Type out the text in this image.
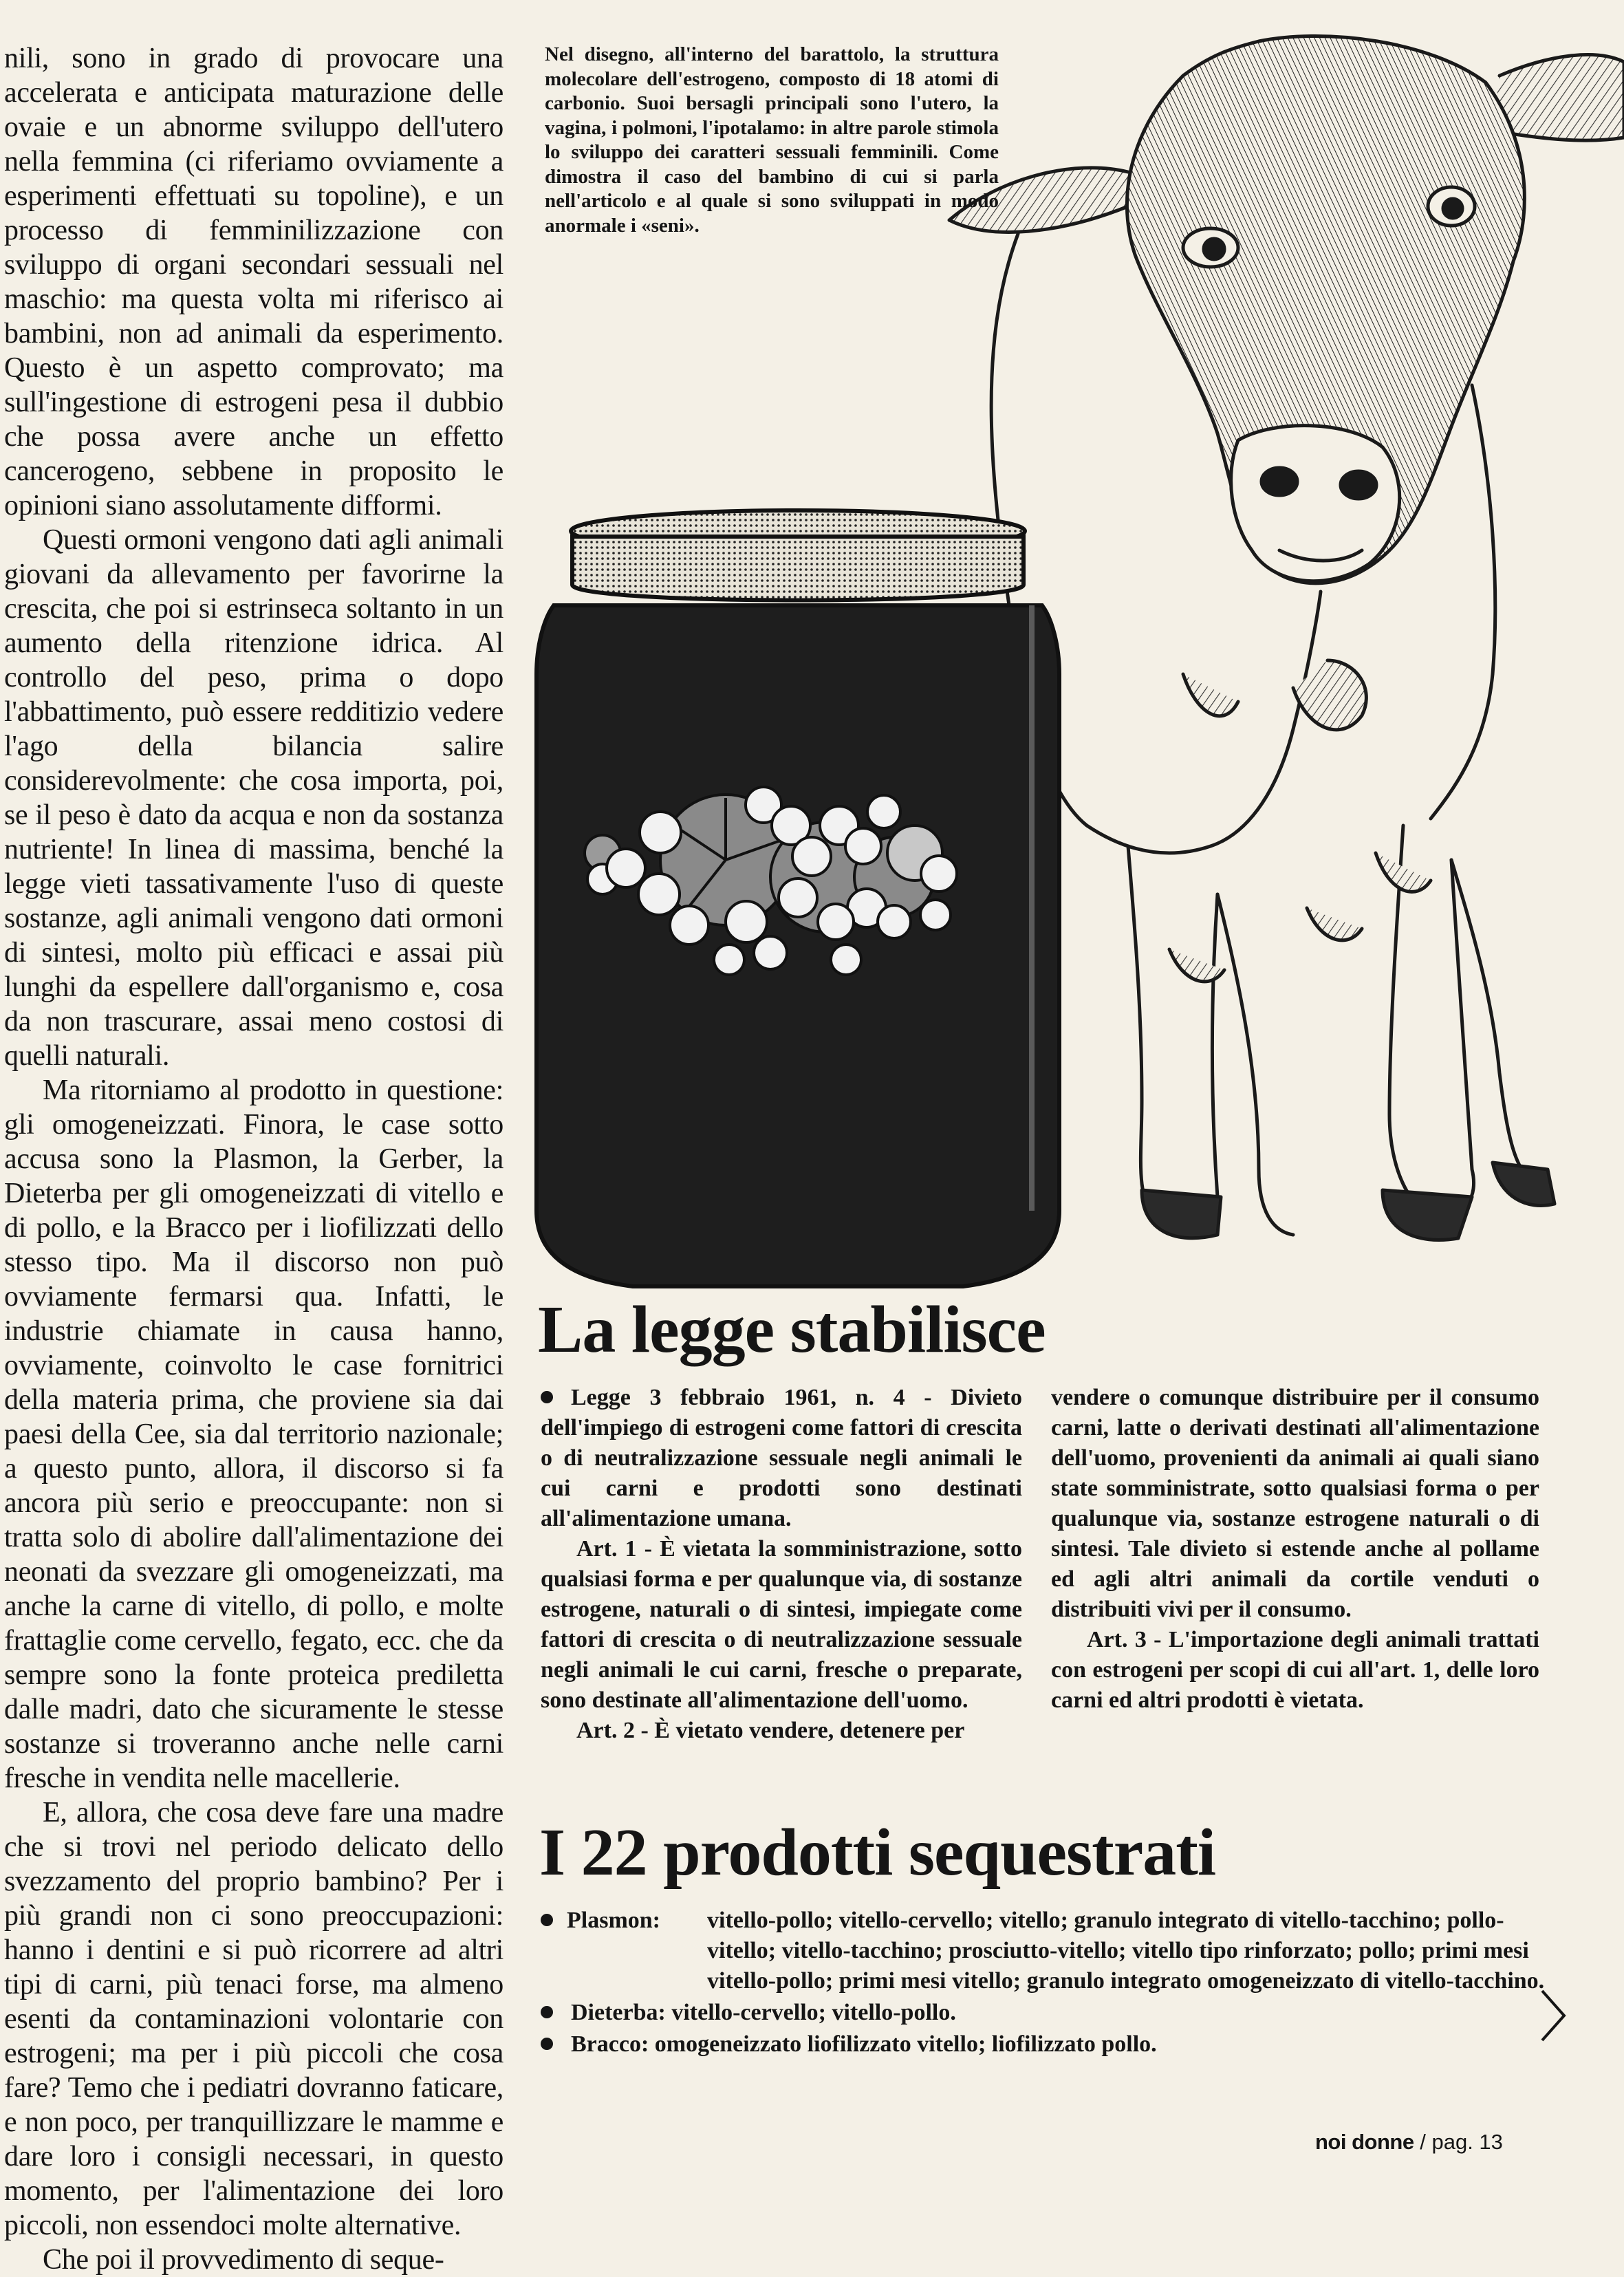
nili, sono in grado di provocare una accelerata e anticipata maturazione delle ovaie e un abnorme sviluppo dell'utero nella femmina (ci riferiamo ovviamente a esperimenti effettuati su topoline), e un processo di femminilizzazione con sviluppo di organi secondari sessuali nel maschio: ma questa volta mi riferisco ai bambini, non ad animali da esperimento. Questo è un aspetto comprovato; ma sull'ingestione di estrogeni pesa il dubbio che possa avere anche un effetto cancerogeno, sebbene in proposito le opinioni siano assolutamente difformi.

Questi ormoni vengono dati agli animali giovani da allevamento per favorirne la crescita, che poi si estrinseca soltanto in un aumento della ritenzione idrica. Al controllo del peso, prima o dopo l'abbattimento, può essere redditizio vedere l'ago della bilancia salire considerevolmente: che cosa importa, poi, se il peso è dato da acqua e non da sostanza nutriente! In linea di massima, benché la legge vieti tassativamente l'uso di queste sostanze, agli animali vengono dati ormoni di sintesi, molto più efficaci e assai più lunghi da espellere dall'organismo e, cosa da non trascurare, assai meno costosi di quelli naturali.

Ma ritorniamo al prodotto in questione: gli omogeneizzati. Finora, le case sotto accusa sono la Plasmon, la Gerber, la Dieterba per gli omogeneizzati di vitello e di pollo, e la Bracco per i liofilizzati dello stesso tipo. Ma il discorso non può ovviamente fermarsi qua. Infatti, le industrie chiamate in causa hanno, ovviamente, coinvolto le case fornitrici della materia prima, che proviene sia dai paesi della Cee, sia dal territorio nazionale; a questo punto, allora, il discorso si fa ancora più serio e preoccupante: non si tratta solo di abolire dall'alimentazione dei neonati da svezzare gli omogeneizzati, ma anche la carne di vitello, di pollo, e molte frattaglie come cervello, fegato, ecc. che da sempre sono la fonte proteica prediletta dalle madri, dato che sicuramente le stesse sostanze si troveranno anche nelle carni fresche in vendita nelle macellerie.

E, allora, che cosa deve fare una madre che si trovi nel periodo delicato dello svezzamento del proprio bambino? Per i più grandi non ci sono preoccupazioni: hanno i dentini e si può ricorrere ad altri tipi di carni, più tenaci forse, ma almeno esenti da contaminazioni volontarie con estrogeni; ma per i più piccoli che cosa fare? Temo che i pediatri dovranno faticare, e non poco, per tranquillizzare le mamme e dare loro i consigli necessari, in questo momento, per l'alimentazione dei loro piccoli, non essendoci molte alternative.

Che poi il provvedimento di seque-

Nel disegno, all'interno del barattolo, la struttura molecolare dell'estrogeno, composto di 18 atomi di carbonio. Suoi bersagli principali sono l'utero, la vagina, i polmoni, l'ipotalamo: in altre parole stimola lo sviluppo dei caratteri sessuali femminili. Come dimostra il caso del bambino di cui si parla nell'articolo e al quale si sono sviluppati in modo anormale i «seni».
La legge stabilisce

Legge 3 febbraio 1961, n. 4 - Divieto dell'impiego di estrogeni come fattori di crescita o di neutralizzazione sessuale negli animali le cui carni e prodotti sono destinati all'alimentazione umana.

Art. 1 - È vietata la somministrazione, sotto qualsiasi forma e per qualunque via, di sostanze estrogene, naturali o di sintesi, impiegate come fattori di crescita o di neutralizzazione sessuale negli animali le cui carni, fresche o preparate, sono destinate all'alimentazione dell'uomo.

Art. 2 - È vietato vendere, detenere per

vendere o comunque distribuire per il consumo carni, latte o derivati destinati all'alimentazione dell'uomo, provenienti da animali ai quali siano state somministrate, sotto qualsiasi forma o per qualunque via, sostanze estrogene naturali o di sintesi. Tale divieto si estende anche al pollame ed agli altri animali da cortile venduti o distribuiti vivi per il consumo.

Art. 3 - L'importazione degli animali trattati con estrogeni per scopi di cui all'art. 1, delle loro carni ed altri prodotti è vietata.

I 22 prodotti sequestrati
Plasmon: vitello-pollo; vitello-cervello; vitello; granulo integrato di vitello-tacchino; pollo-vitello; vitello-tacchino; prosciutto-vitello; vitello tipo rinforzato; pollo; primi mesi vitello-pollo; primi mesi vitello; granulo integrato omogeneizzato di vitello-tacchino.
Dieterba: vitello-cervello; vitello-pollo.
Bracco: omogeneizzato liofilizzato vitello; liofilizzato pollo.
noi donne / pag. 13
